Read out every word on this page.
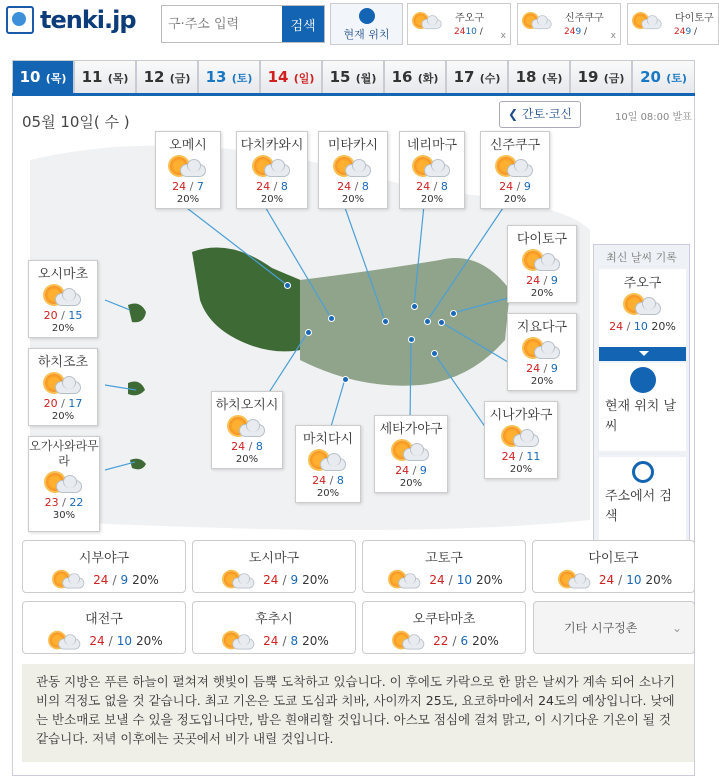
tenki.jp
구·주소 입력	검색
현재 위치
주오구
2410 / x
신주쿠구
249 /	x
다이토구
249 /
10 (목)	11 (목)	12 (금)	13 (토)	14 (일)	15 (월)	16 (화)	17 (수)	18 (목)	19 (금)	20 (토)
05월 10일( 수 )	❮ 간토·코신	10일 08:00 발표
오메시
24 / 7
20%
다치카와시
24 / 8
20%
미타카시
24 / 8
20%
네리마구
24 / 8
20%
신주쿠구
24 / 9
20%
다이토구
24 / 9
20%
지요다구
24 / 9
20%
시나가와구
24 / 11
20%
세타가야구
24 / 9
20%
마치다시
24 / 8
20%
하치오지시
24 / 8
20%
오시마초
20 / 15
20%
하치조초
20 / 17
20%
오가사와라무라
23 / 22
30%
최신 날씨 기록
주오구
24 / 10 20%
현재 위치 날씨
주소에서 검색
시부야구
24 / 9 20%
도시마구
24 / 9 20%
고토구
24 / 10 20%
다이토구
24 / 10 20%
대전구
24 / 10 20%
후추시
24 / 8 20%
오쿠타마초
22 / 6 20%
기타 시구정촌	⌄
관동 지방은 푸른 하늘이 펼쳐져 햇빛이 듬뿍 도착하고 있습니다. 이 후에도 카락으로 한 맑은 날씨가 계속 되어 소나기 비의 걱정도 없을 것 같습니다. 최고 기온은 도쿄 도심과 치바, 사이까지 25도, 요코하마에서 24도의 예상입니다. 낮에는 반소매로 보낼 수 있을 정도입니다만, 밤은 흰얘리할 것입니다. 아스모 점심에 걸쳐 맑고, 이 시기다운 기온이 될 것 같습니다. 저녁 이후에는 곳곳에서 비가 내릴 것입니다.
